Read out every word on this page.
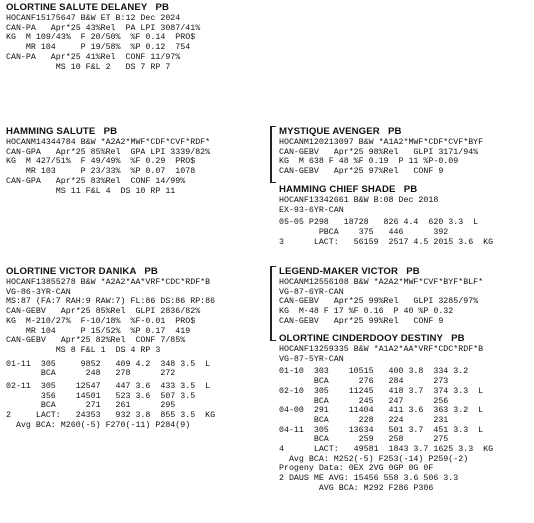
OLORTINE SALUTE DELANEY PB
HOCANF15175647 B&W ET B:12 Dec 2024
CAN-PA   Apr*25 43%Rel  PA LPI 3087/41%
KG  M 109/43%  F 20/50%  %F 0.14  PRO$
MR 104     P 19/58%  %P 0.12  754
CAN-PA   Apr*25 41%Rel  CONF 11/97%
MS 10 F&L 2   DS 7 RP 7
HAMMING SALUTE PB
HOCANM14344784 B&W *A2A2*MWF*CDF*CVF*RDF*
CAN-GPA   Apr*25 85%Rel  GPA LPI 3339/82%
KG  M 427/51%  F 49/49%  %F 0.29  PRO$
MR 103     P 23/33%  %P 0.07  1078
CAN-GPA   Apr*25 83%Rel  CONF 14/99%
MS 11 F&L 4  DS 10 RP 11
OLORTINE VICTOR DANIKA PB
HOCANF13855278 B&W *A2A2*AA*VRF*CDC*RDF*B
VG-86-3YR-CAN
MS:87 (FA:7 RAH:9 RAW:7) FL:86 DS:86 RP:86
CAN-GEBV   Apr*25 85%Rel  GLPI 2836/82%
KG  M-210/27%  F-10/18%  %F-0.01  PRO$
MR 104     P 15/52%  %P 0.17  419
CAN-GEBV   Apr*25 82%Rel  CONF 7/85%
MS 8 F&L 1  DS 4 RP 3
01-11  305     9852   409 4.2  348 3.5  L
BCA      248   278      272
02-11  305    12547   447 3.6  433 3.5  L
356    14501   523 3.6  507 3.5
BCA      271   261      295
2     LACT:   24353   932 3.8  855 3.5  KG
Avg BCA: M260(-5) F270(-11) P284(9)
MYSTIQUE AVENGER PB
HOCANM120213097 B&W *A1A2*MWF*CDF*CVF*BYF
CAN-GEBV   Apr*25 98%Rel   GLPI 3171/94%
KG  M 638 F 48 %F 0.19  P 11 %P-0.09
CAN-GEBV   Apr*25 97%Rel   CONF 9
HAMMING CHIEF SHADE PB
HOCANF13342661 B&W B:08 Dec 2018
EX-93-6YR-CAN
05-05 P298   18728   826 4.4  620 3.3  L
PBCA    375   446      392
3      LACT:   56159  2517 4.5 2015 3.6  KG
LEGEND-MAKER VICTOR PB
HOCANM12556108 B&W *A2A2*MWF*CVF*BYF*BLF*
VG-87-6YR-CAN
CAN-GEBV   Apr*25 99%Rel   GLPI 3285/97%
KG  M-48 F 17 %F 0.16  P 40 %P 0.32
CAN-GEBV   Apr*25 99%Rel   CONF 9
OLORTINE CINDERDOOY DESTINY PB
HOCANF13259335 B&W *A1A2*AA*VRF*CDC*RDF*B
VG-87-5YR-CAN
01-10  303    10515   400 3.8  334 3.2
BCA      276   284      273
02-10  305    11245   418 3.7  374 3.3  L
BCA      245   247      256
04-00  291    11404   411 3.6  363 3.2  L
BCA      228   224      231
04-11  305    13634   501 3.7  451 3.3  L
BCA      259   258      275
4      LACT:   49581  1843 3.7 1625 3.3  KG
Avg BCA: M252(-5) F253(-14) P259(-2)
Progeny Data: 0EX 2VG 0GP 0G 0F
2 DAUS ME AVG: 15456 558 3.6 506 3.3
AVG BCA: M292 F286 P306
